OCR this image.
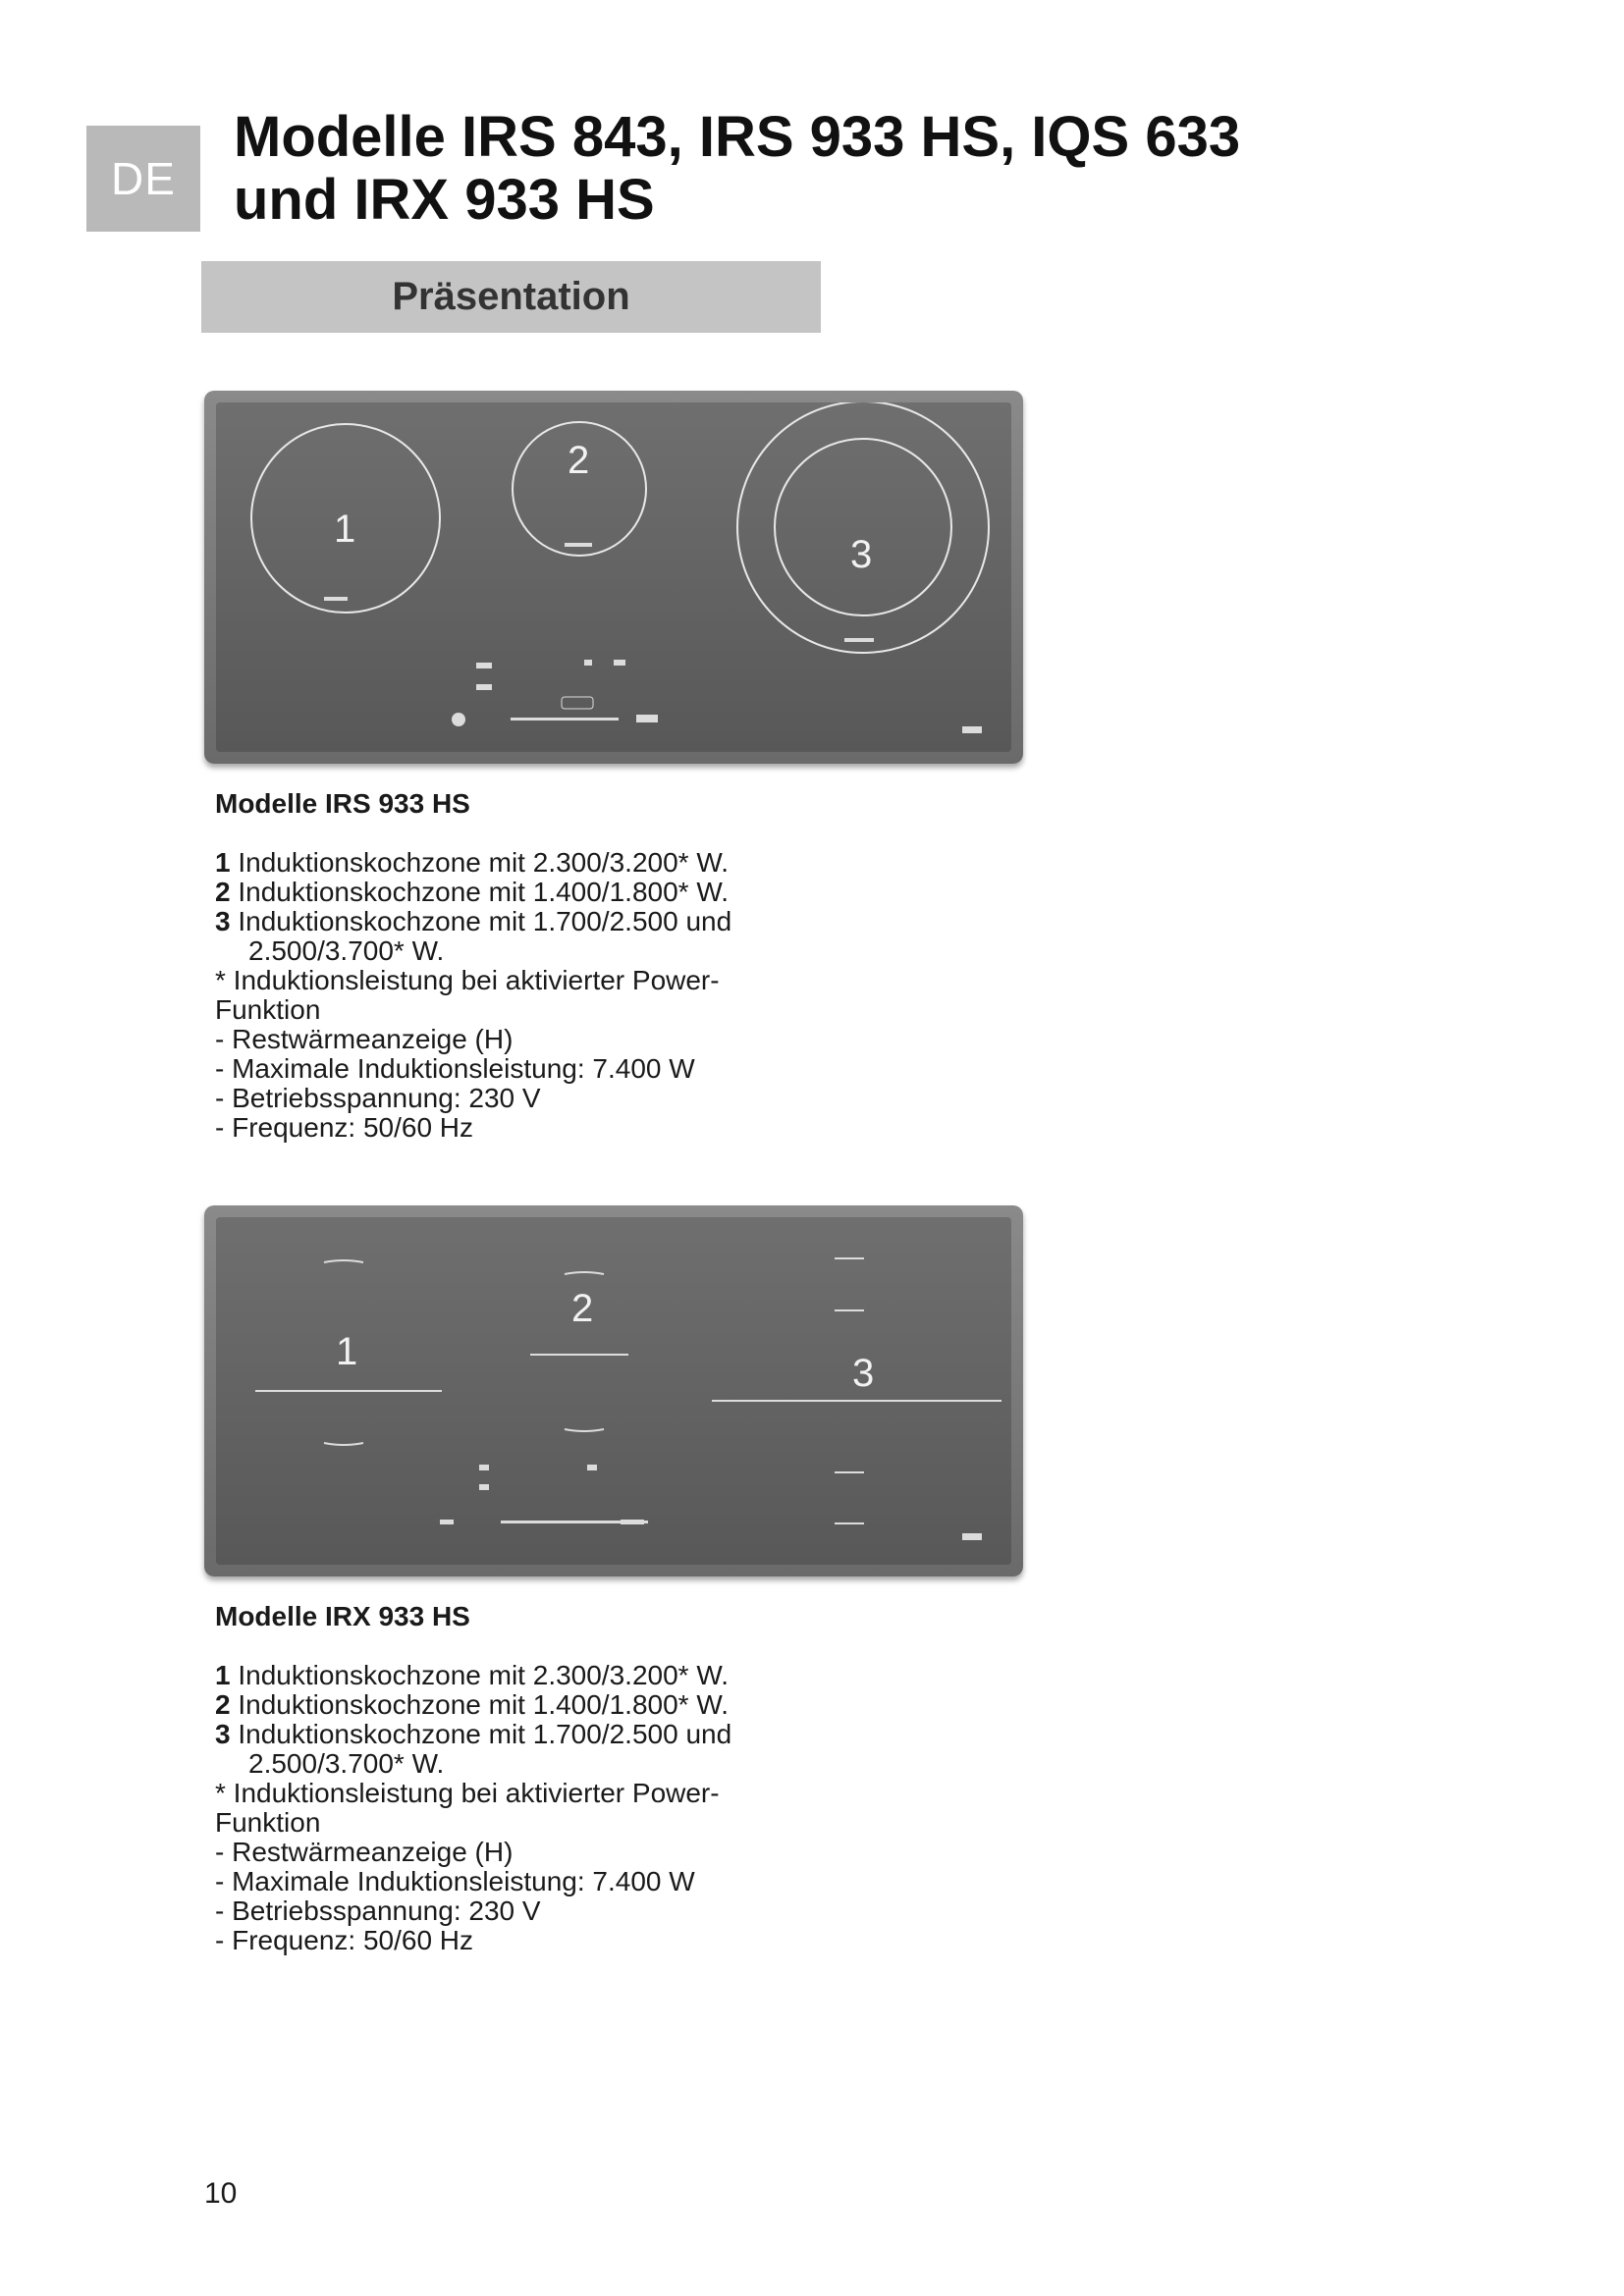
DE
Modelle IRS 843, IRS 933 HS, IQS 633
und IRX 933 HS
Präsentation
1
2
3
Modelle IRS 933 HS

1 Induktionskochzone mit 2.300/3.200* W.

2 Induktionskochzone mit 1.400/1.800* W.

3 Induktionskochzone mit 1.700/2.500 und

2.500/3.700* W.

* Induktionsleistung bei aktivierter Power-

Funktion

- Restwärmeanzeige (H)

- Maximale Induktionsleistung: 7.400 W

- Betriebsspannung: 230 V

- Frequenz: 50/60 Hz

1
2
3
Modelle IRX 933 HS

1 Induktionskochzone mit 2.300/3.200* W.

2 Induktionskochzone mit 1.400/1.800* W.

3 Induktionskochzone mit 1.700/2.500 und

2.500/3.700* W.

* Induktionsleistung bei aktivierter Power-

Funktion

- Restwärmeanzeige (H)

- Maximale Induktionsleistung: 7.400 W

- Betriebsspannung: 230 V

- Frequenz: 50/60 Hz

10
